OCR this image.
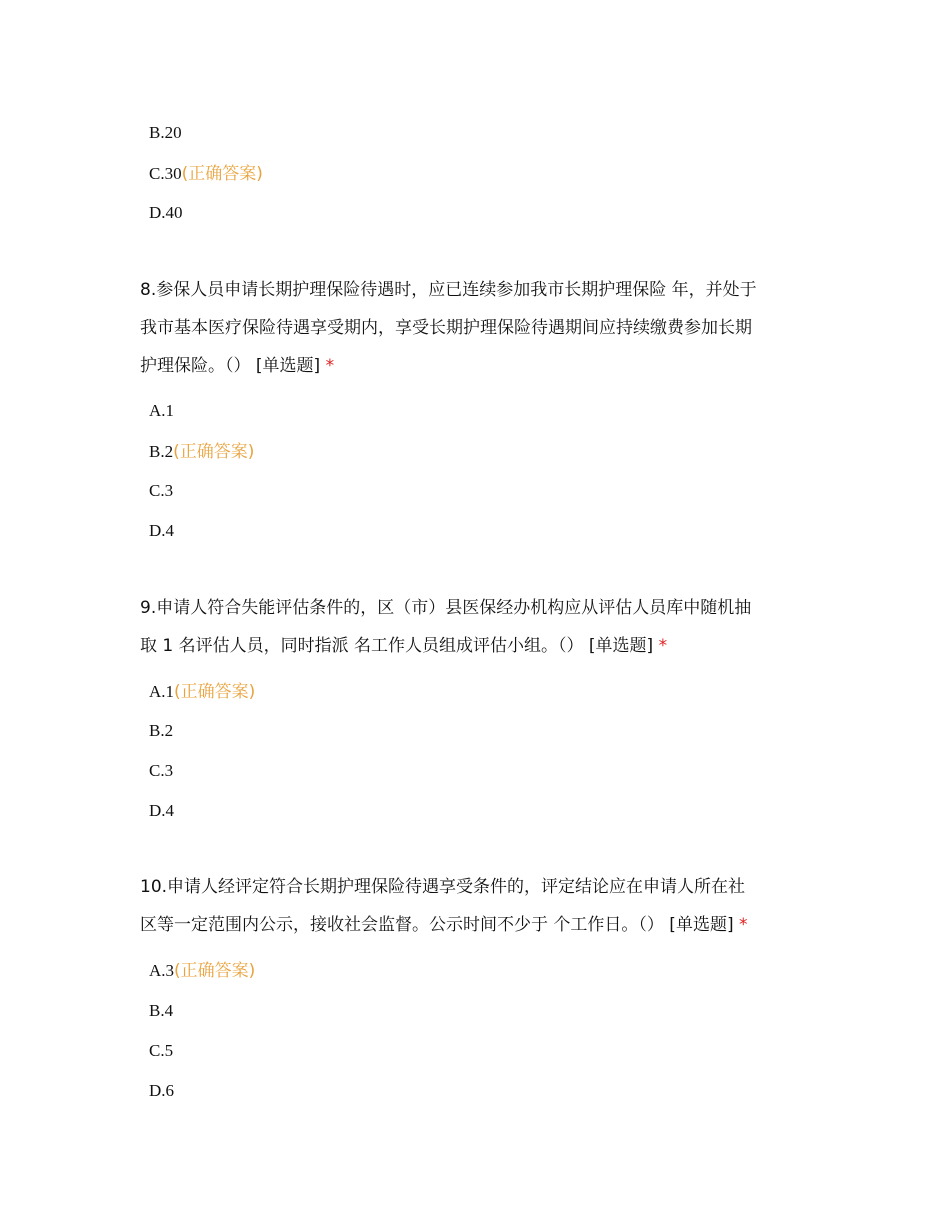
B.20
C.30(正确答案)
D.40
8.参保人员申请长期护理保险待遇时，应已连续参加我市长期护理保险 年，并处于
我市基本医疗保险待遇享受期内，享受长期护理保险待遇期间应持续缴费参加长期
护理保险。（） [单选题] *
A.1
B.2(正确答案)
C.3
D.4
9.申请人符合失能评估条件的，区（市）县医保经办机构应从评估人员库中随机抽
取 1 名评估人员，同时指派 名工作人员组成评估小组。（） [单选题] *
A.1(正确答案)
B.2
C.3
D.4
10.申请人经评定符合长期护理保险待遇享受条件的，评定结论应在申请人所在社
区等一定范围内公示，接收社会监督。公示时间不少于 个工作日。（） [单选题] *
A.3(正确答案)
B.4
C.5
D.6
